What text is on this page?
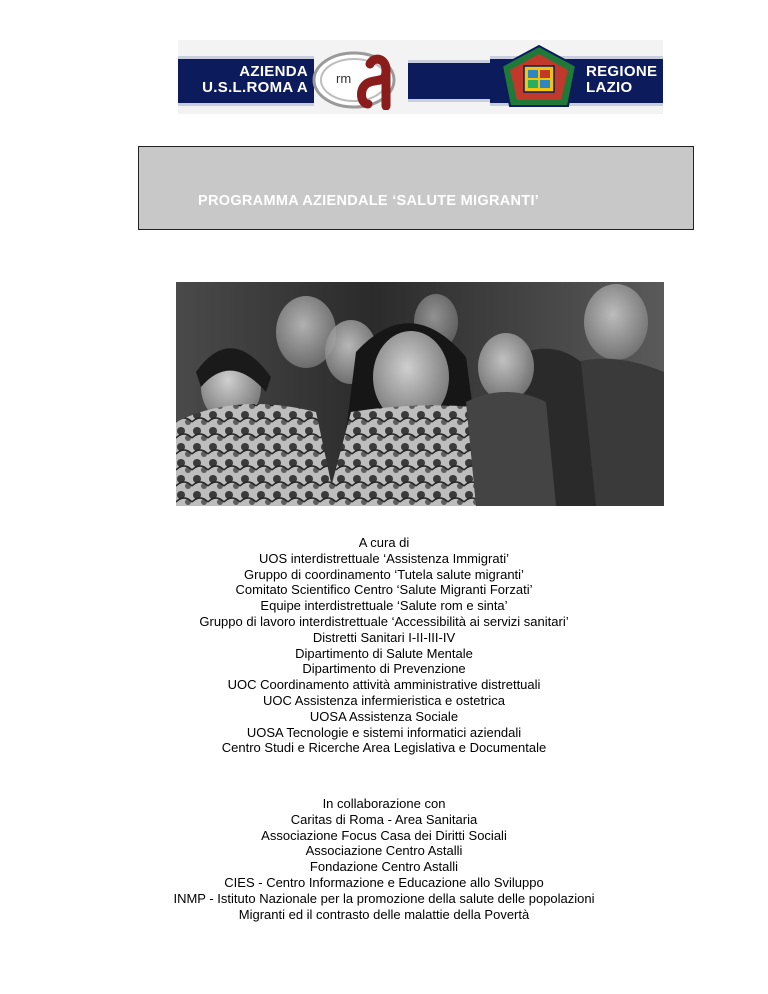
AZIENDA
U.S.L.ROMA A
rm	REGIONE
LAZIO
PROGRAMMA AZIENDALE ‘SALUTE MIGRANTI’
A cura di
UOS interdistrettuale ‘Assistenza Immigrati’
Gruppo di coordinamento ‘Tutela salute migranti’
Comitato Scientifico Centro ‘Salute Migranti Forzati’
Equipe interdistrettuale ‘Salute rom e sinta’
Gruppo di lavoro interdistrettuale ‘Accessibilità ai servizi sanitari’
Distretti Sanitari I-II-III-IV
Dipartimento di Salute Mentale
Dipartimento di Prevenzione
UOC Coordinamento attività amministrative distrettuali
UOC Assistenza infermieristica e ostetrica
UOSA Assistenza Sociale
UOSA Tecnologie e sistemi informatici aziendali
Centro Studi e Ricerche Area Legislativa e Documentale
In collaborazione con
Caritas di Roma - Area Sanitaria
Associazione Focus Casa dei Diritti Sociali
Associazione Centro Astalli
Fondazione Centro Astalli
CIES - Centro Informazione e Educazione allo Sviluppo
INMP - Istituto Nazionale per la promozione della salute delle popolazioni
Migranti ed il contrasto delle malattie della Povertà
